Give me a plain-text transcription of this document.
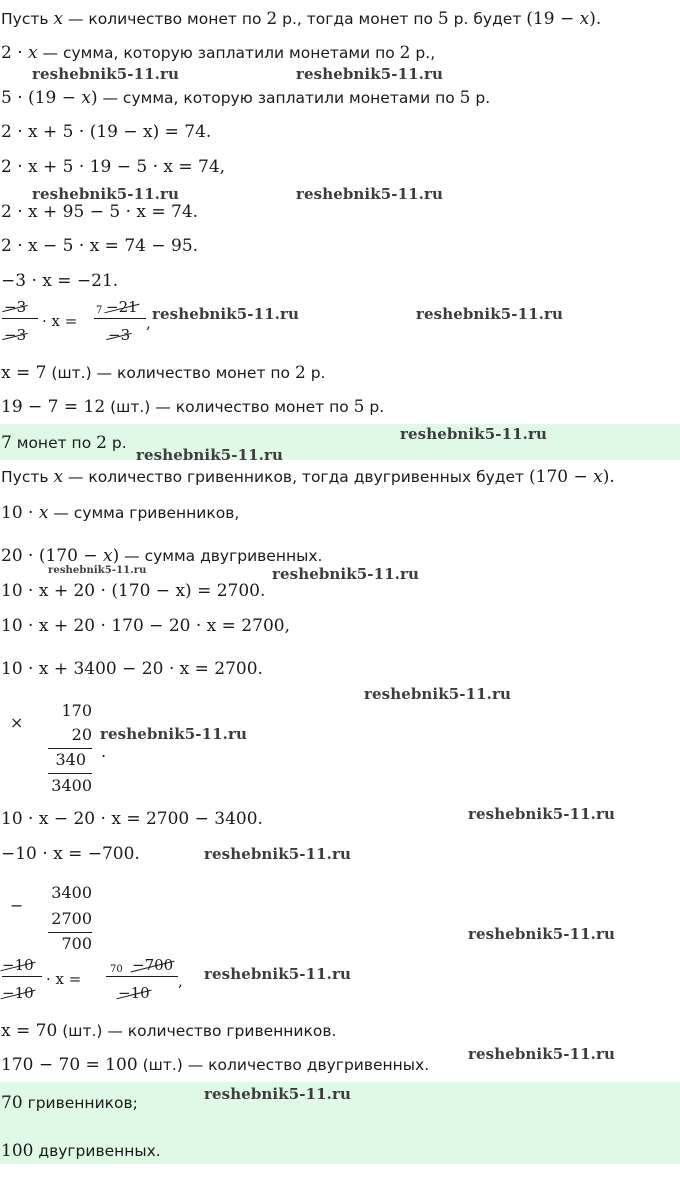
Пусть x — количество монет по 2 р., тогда монет по 5 р. будет (19 − x).
2 · x — сумма, которую заплатили монетами по 2 р.,
5 · (19 − x) — сумма, которую заплатили монетами по 5 р.
2 · x + 5 · (19 − x) = 74.
2 · x + 5 · 19 − 5 · x = 74,
2 · x + 95 − 5 · x = 74.
2 · x − 5 · x = 74 − 95.
−3 · x = −21.
−3
−3
· x =
7 −21
−3
,
x = 7 (шт.) — количество монет по 2 р.
19 − 7 = 12 (шт.) — количество монет по 5 р.
7 монет по 2 р.
Пусть x — количество гривенников, тогда двугривенных будет (170 − x).
10 · x — сумма гривенников,
20 · (170 − x) — сумма двугривенных.
10 · x + 20 · (170 − x) = 2700.
10 · x + 20 · 170 − 20 · x = 2700,
10 · x + 3400 − 20 · x = 2700.
×
170
20
340
3400
.
10 · x − 20 · x = 2700 − 3400.
−10 · x = −700.
−
3400
2700
700
−10
−10
· x =
70 −700
−10
,
x = 70 (шт.) — количество гривенников.
170 − 70 = 100 (шт.) — количество двугривенных.
70 гривенников;
100 двугривенных.
reshebnik5-11.ru	reshebnik5-11.ru
reshebnik5-11.ru	reshebnik5-11.ru
reshebnik5-11.ru	reshebnik5-11.ru
reshebnik5-11.ru
reshebnik5-11.ru
reshebnik5-11.ru	reshebnik5-11.ru
reshebnik5-11.ru
reshebnik5-11.ru
reshebnik5-11.ru
reshebnik5-11.ru
reshebnik5-11.ru
reshebnik5-11.ru
reshebnik5-11.ru
reshebnik5-11.ru
